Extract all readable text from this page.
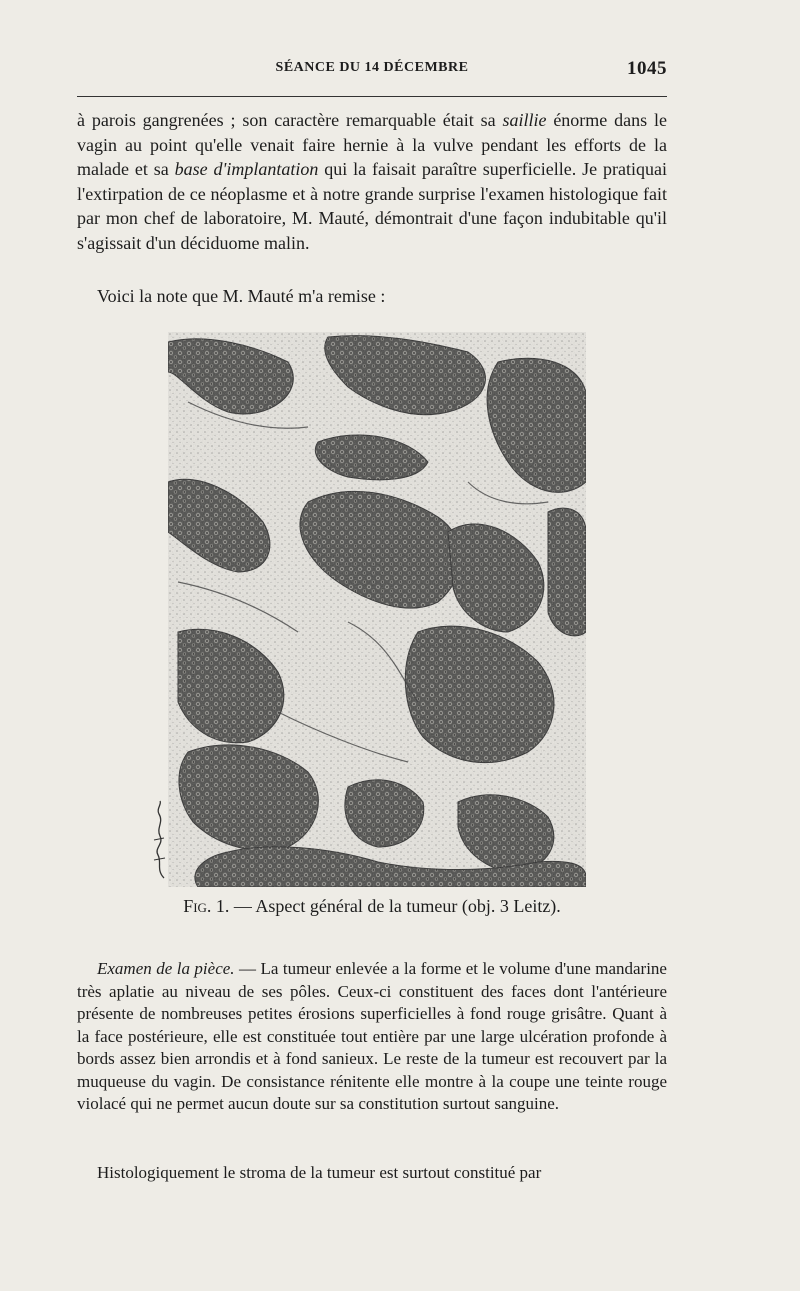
SÉANCE DU 14 DÉCEMBRE	1045

à parois gangrenées ; son caractère remarquable était sa saillie énorme dans le vagin au point qu'elle venait faire hernie à la vulve pendant les efforts de la malade et sa base d'implantation qui la faisait paraître superficielle. Je pratiquai l'extirpation de ce néoplasme et à notre grande surprise l'examen histologique fait par mon chef de laboratoire, M. Mauté, démontrait d'une façon indubitable qu'il s'agissait d'un déciduome malin.

Voici la note que M. Mauté m'a remise :

Fig. 1. — Aspect général de la tumeur (obj. 3 Leitz).

Examen de la pièce. — La tumeur enlevée a la forme et le volume d'une mandarine très aplatie au niveau de ses pôles. Ceux-ci constituent des faces dont l'antérieure présente de nombreuses petites érosions superficielles à fond rouge grisâtre. Quant à la face postérieure, elle est constituée tout entière par une large ulcération profonde à bords assez bien arrondis et à fond sanieux. Le reste de la tumeur est recouvert par la muqueuse du vagin. De consistance rénitente elle montre à la coupe une teinte rouge violacé qui ne permet aucun doute sur sa constitution surtout sanguine.

Histologiquement le stroma de la tumeur est surtout constitué par
